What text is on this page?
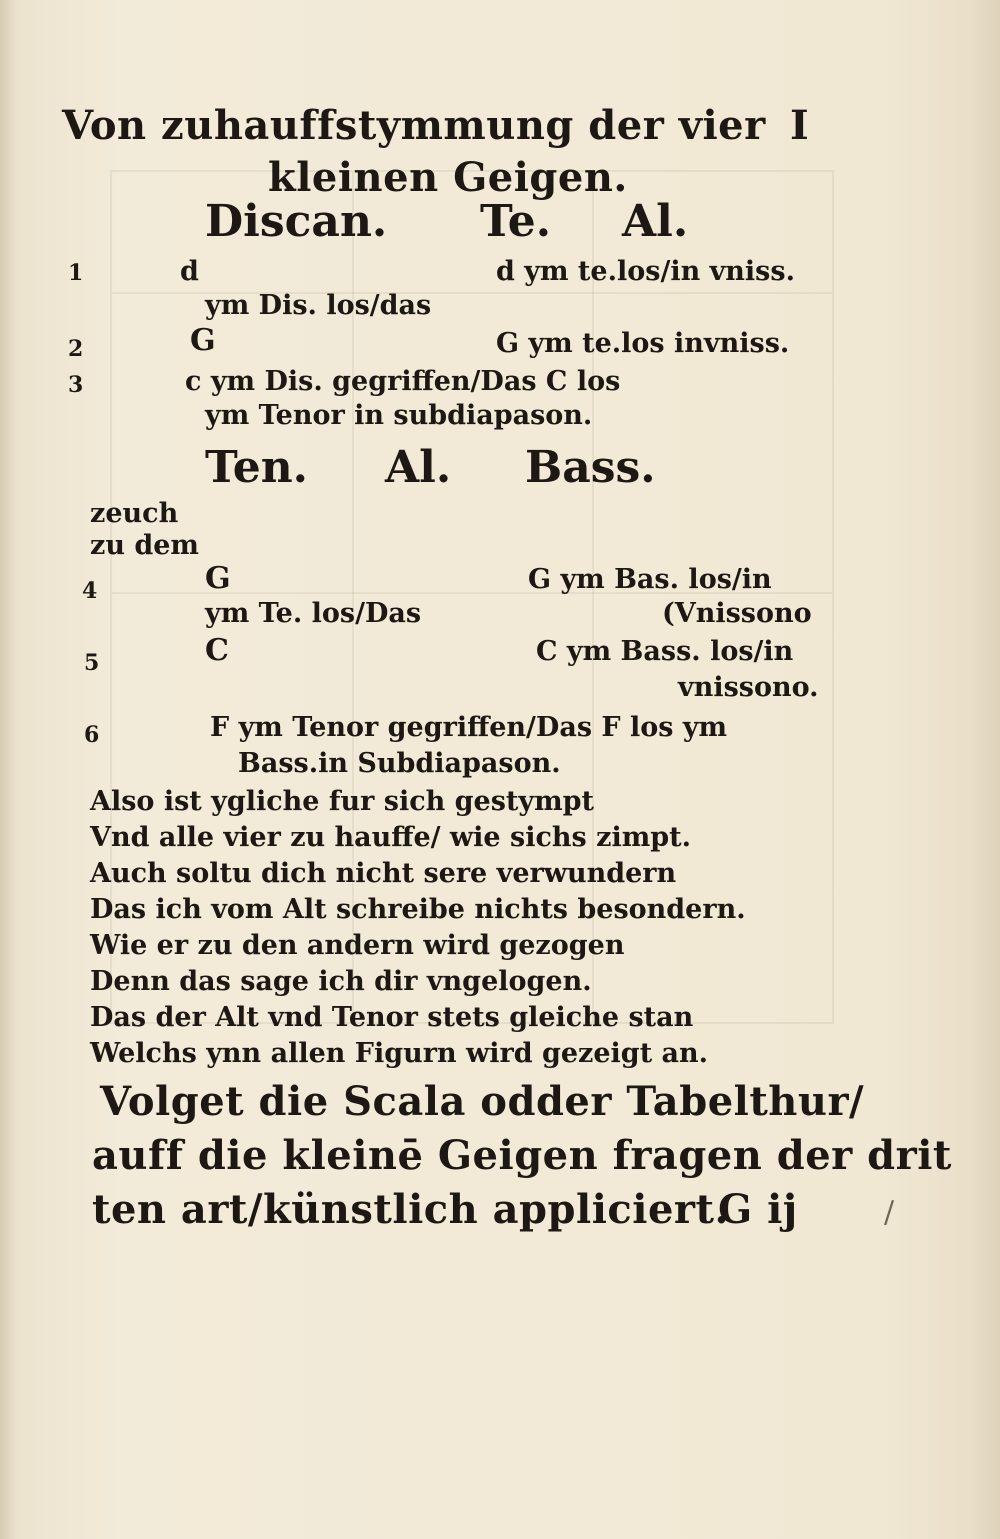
Von zuhauffstymmung der vier I
kleinen Geigen.
Discan. Te. Al.
1	d	d ym te.los/in vniss.
ym Dis. los/das
2	G	G ym te.los invniss.
3	c ym Dis. gegriffen/Das C los
ym Tenor in subdiapason.
Ten. Al. Bass.
zeuch
zu dem
4	G	G ym Bas. los/in
ym Te. los/Das	(Vnissono
5	C	C ym Bass. los/in
vnissono.
6	F ym Tenor gegriffen/Das F los ym
Bass.in Subdiapason.
Also ist ygliche fur sich gestympt
Vnd alle vier zu hauffe/ wie sichs zimpt.
Auch soltu dich nicht sere verwundern
Das ich vom Alt schreibe nichts besondern.
Wie er zu den andern wird gezogen
Denn das sage ich dir vngelogen.
Das der Alt vnd Tenor stets gleiche stan
Welchs ynn allen Figurn wird gezeigt an.
Volget die Scala odder Tabelthur/
auff die kleinē Geigen fragen der drit
ten art/künstlich appliciert.
G ij	/
